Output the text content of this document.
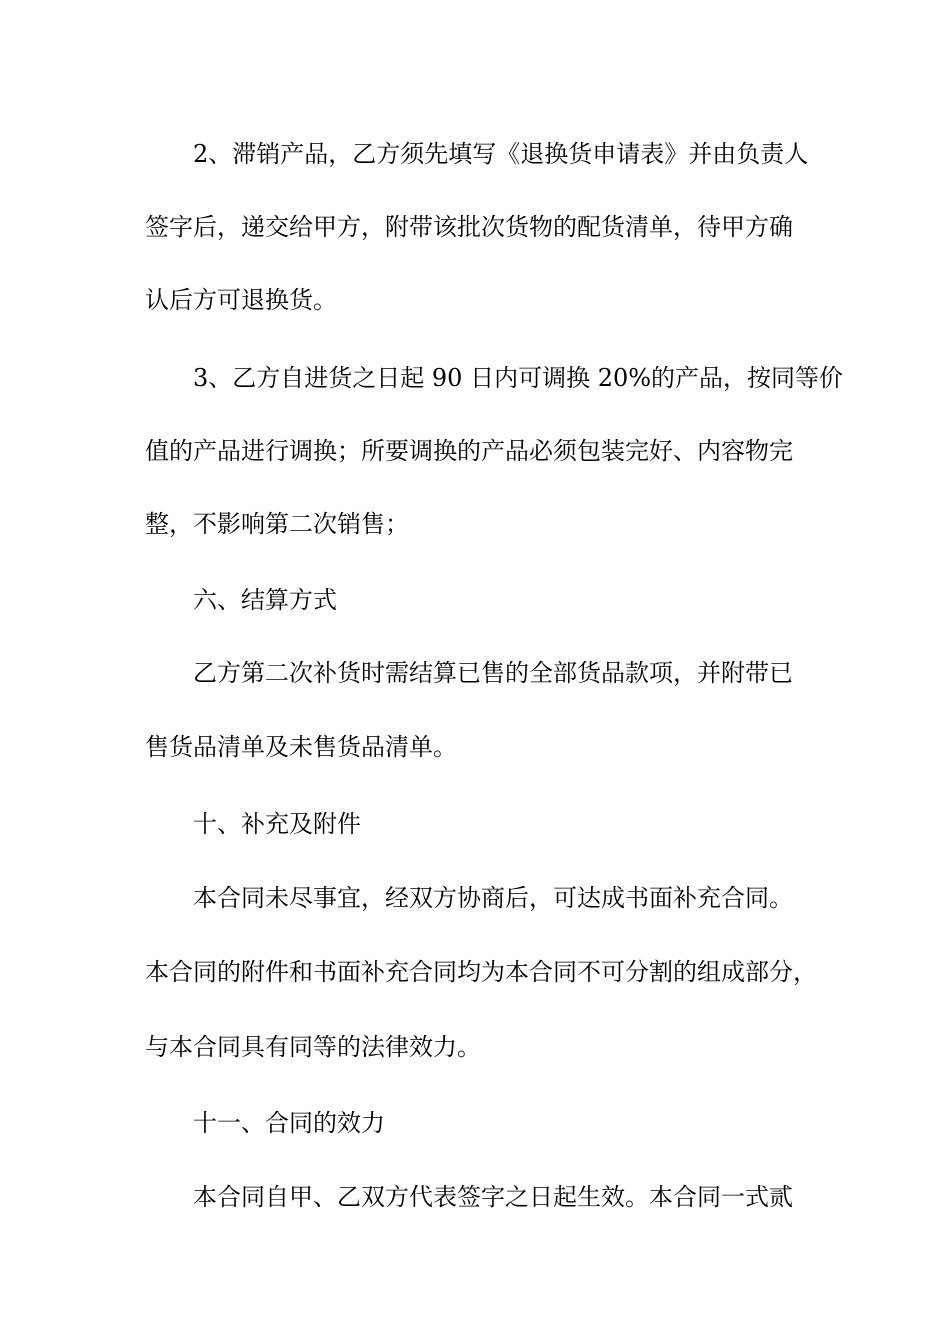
2、滞销产品，乙方须先填写《退换货申请表》并由负责人
签字后，递交给甲方，附带该批次货物的配货清单，待甲方确
认后方可退换货。
3、乙方自进货之日起 90 日内可调换 20%的产品，按同等价
值的产品进行调换；所要调换的产品必须包装完好、内容物完
整，不影响第二次销售；
六、结算方式
乙方第二次补货时需结算已售的全部货品款项，并附带已
售货品清单及未售货品清单。
十、补充及附件
本合同未尽事宜，经双方协商后，可达成书面补充合同。
本合同的附件和书面补充合同均为本合同不可分割的组成部分，
与本合同具有同等的法律效力。
十一、合同的效力
本合同自甲、乙双方代表签字之日起生效。本合同一式贰
